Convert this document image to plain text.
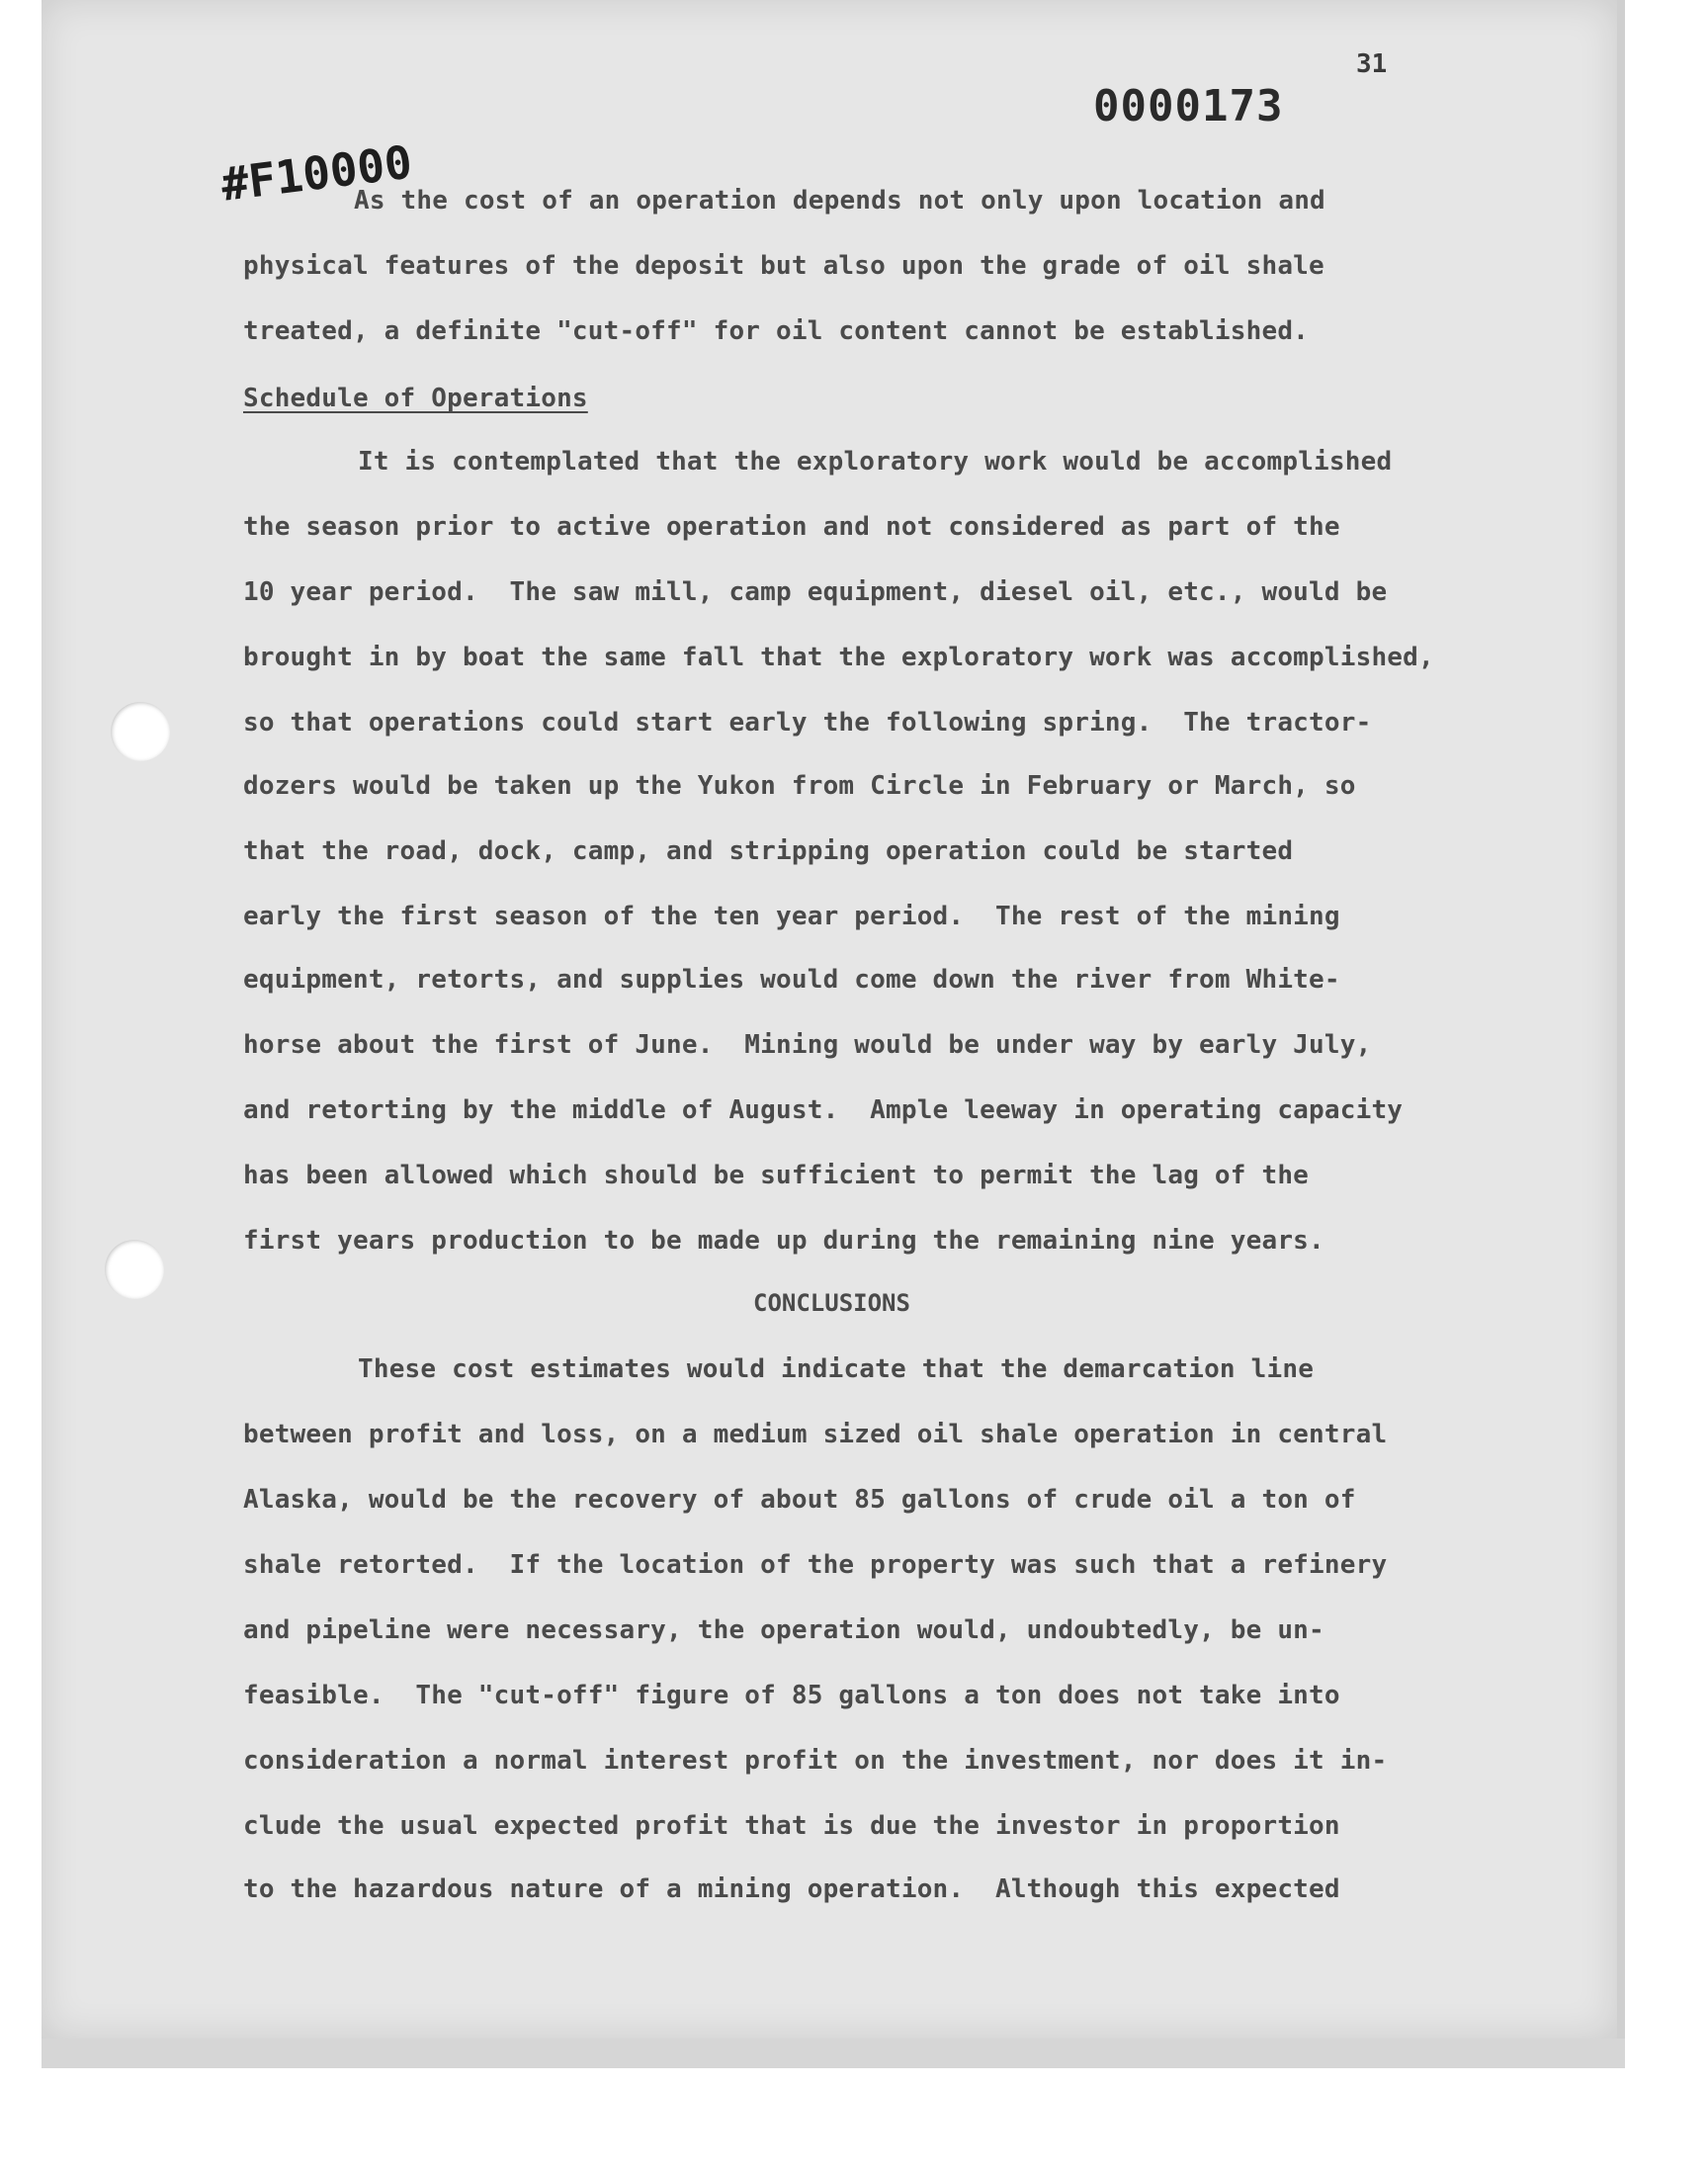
31
0000173
#F10000
As the cost of an operation depends not only upon location and
physical features of the deposit but also upon the grade of oil shale
treated, a definite "cut-off" for oil content cannot be established.
Schedule of Operations
It is contemplated that the exploratory work would be accomplished
the season prior to active operation and not considered as part of the
10 year period.  The saw mill, camp equipment, diesel oil, etc., would be
brought in by boat the same fall that the exploratory work was accomplished,
so that operations could start early the following spring.  The tractor-
dozers would be taken up the Yukon from Circle in February or March, so
that the road, dock, camp, and stripping operation could be started
early the first season of the ten year period.  The rest of the mining
equipment, retorts, and supplies would come down the river from White-
horse about the first of June.  Mining would be under way by early July,
and retorting by the middle of August.  Ample leeway in operating capacity
has been allowed which should be sufficient to permit the lag of the
first years production to be made up during the remaining nine years.
CONCLUSIONS
These cost estimates would indicate that the demarcation line
between profit and loss, on a medium sized oil shale operation in central
Alaska, would be the recovery of about 85 gallons of crude oil a ton of
shale retorted.  If the location of the property was such that a refinery
and pipeline were necessary, the operation would, undoubtedly, be un-
feasible.  The "cut-off" figure of 85 gallons a ton does not take into
consideration a normal interest profit on the investment, nor does it in-
clude the usual expected profit that is due the investor in proportion
to the hazardous nature of a mining operation.  Although this expected
